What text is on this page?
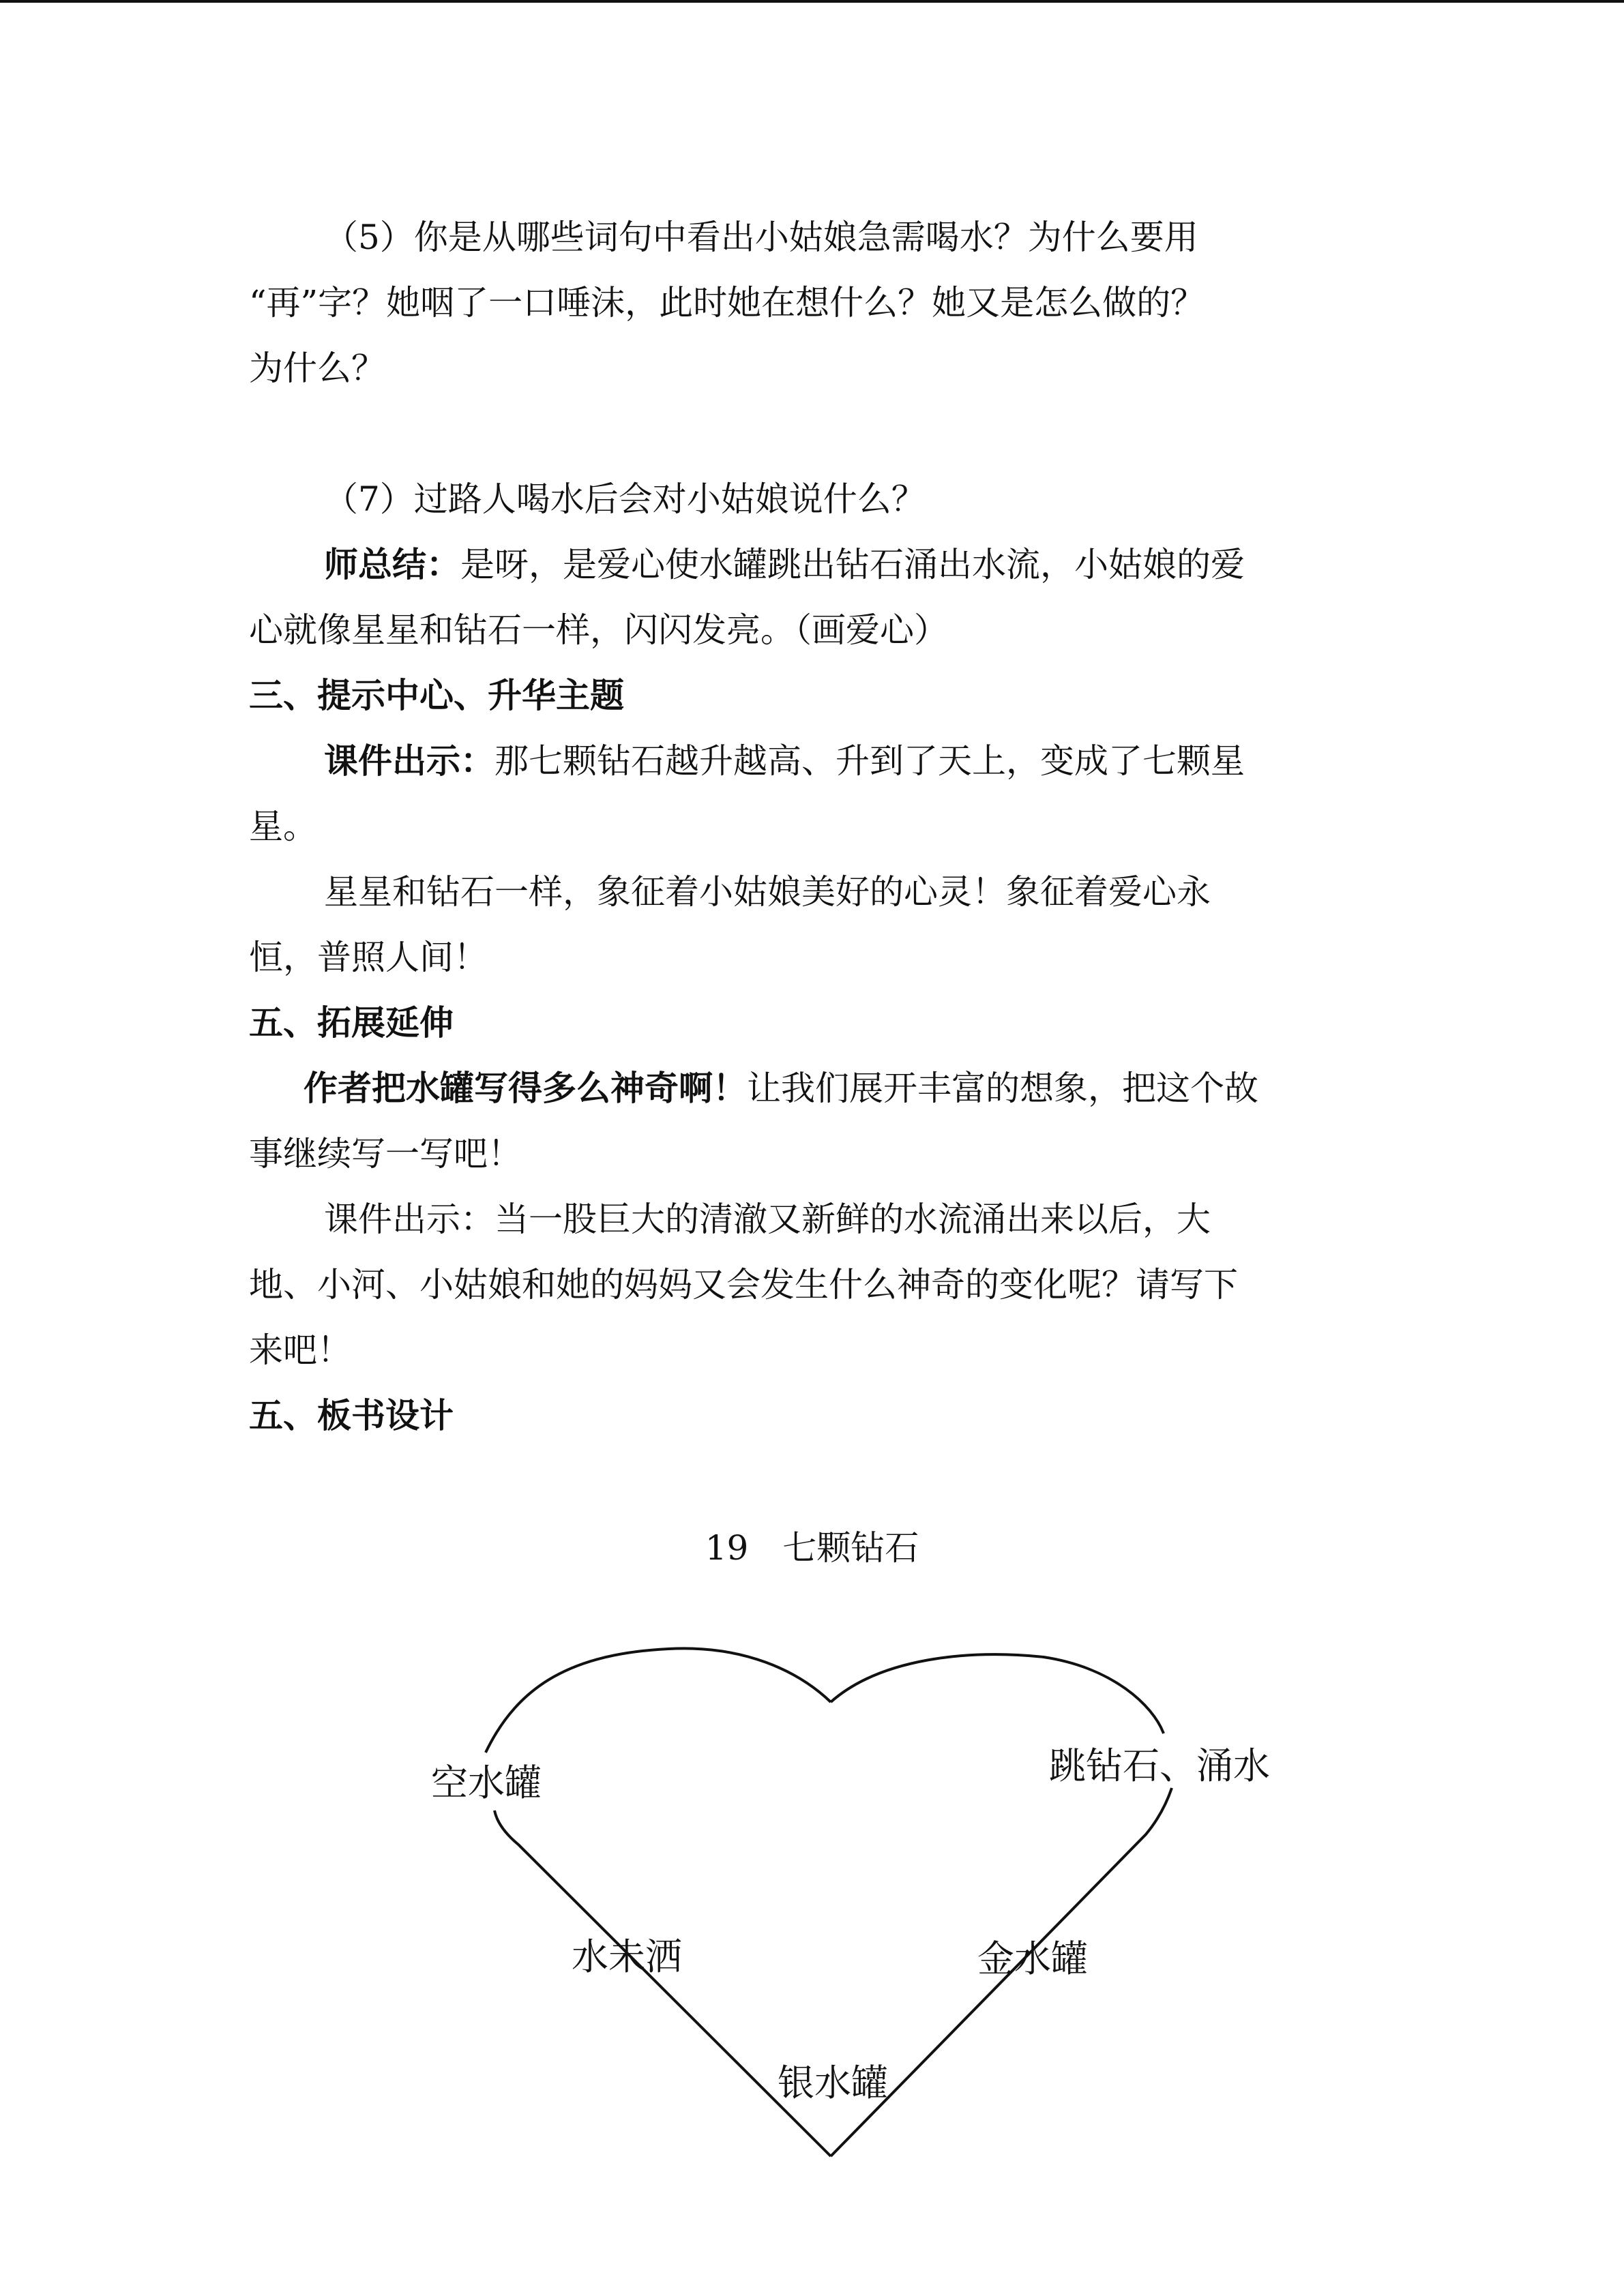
（5）你是从哪些词句中看出小姑娘急需喝水？为什么要用

“再”字？她咽了一口唾沫，此时她在想什么？她又是怎么做的？

为什么？

（7）过路人喝水后会对小姑娘说什么？

师总结：是呀，是爱心使水罐跳出钻石涌出水流，小姑娘的爱

心就像星星和钻石一样，闪闪发亮。（画爱心）

三、提示中心、升华主题

课件出示：那七颗钻石越升越高、升到了天上，变成了七颗星

星。

星星和钻石一样，象征着小姑娘美好的心灵！象征着爱心永

恒，普照人间！

五、拓展延伸

作者把水罐写得多么神奇啊！让我们展开丰富的想象，把这个故

事继续写一写吧！

课件出示：当一股巨大的清澈又新鲜的水流涌出来以后，大

地、小河、小姑娘和她的妈妈又会发生什么神奇的变化呢？请写下

来吧！

五、板书设计

19　七颗钻石
空水罐	跳钻石、涌水
水未洒	金水罐
银水罐
